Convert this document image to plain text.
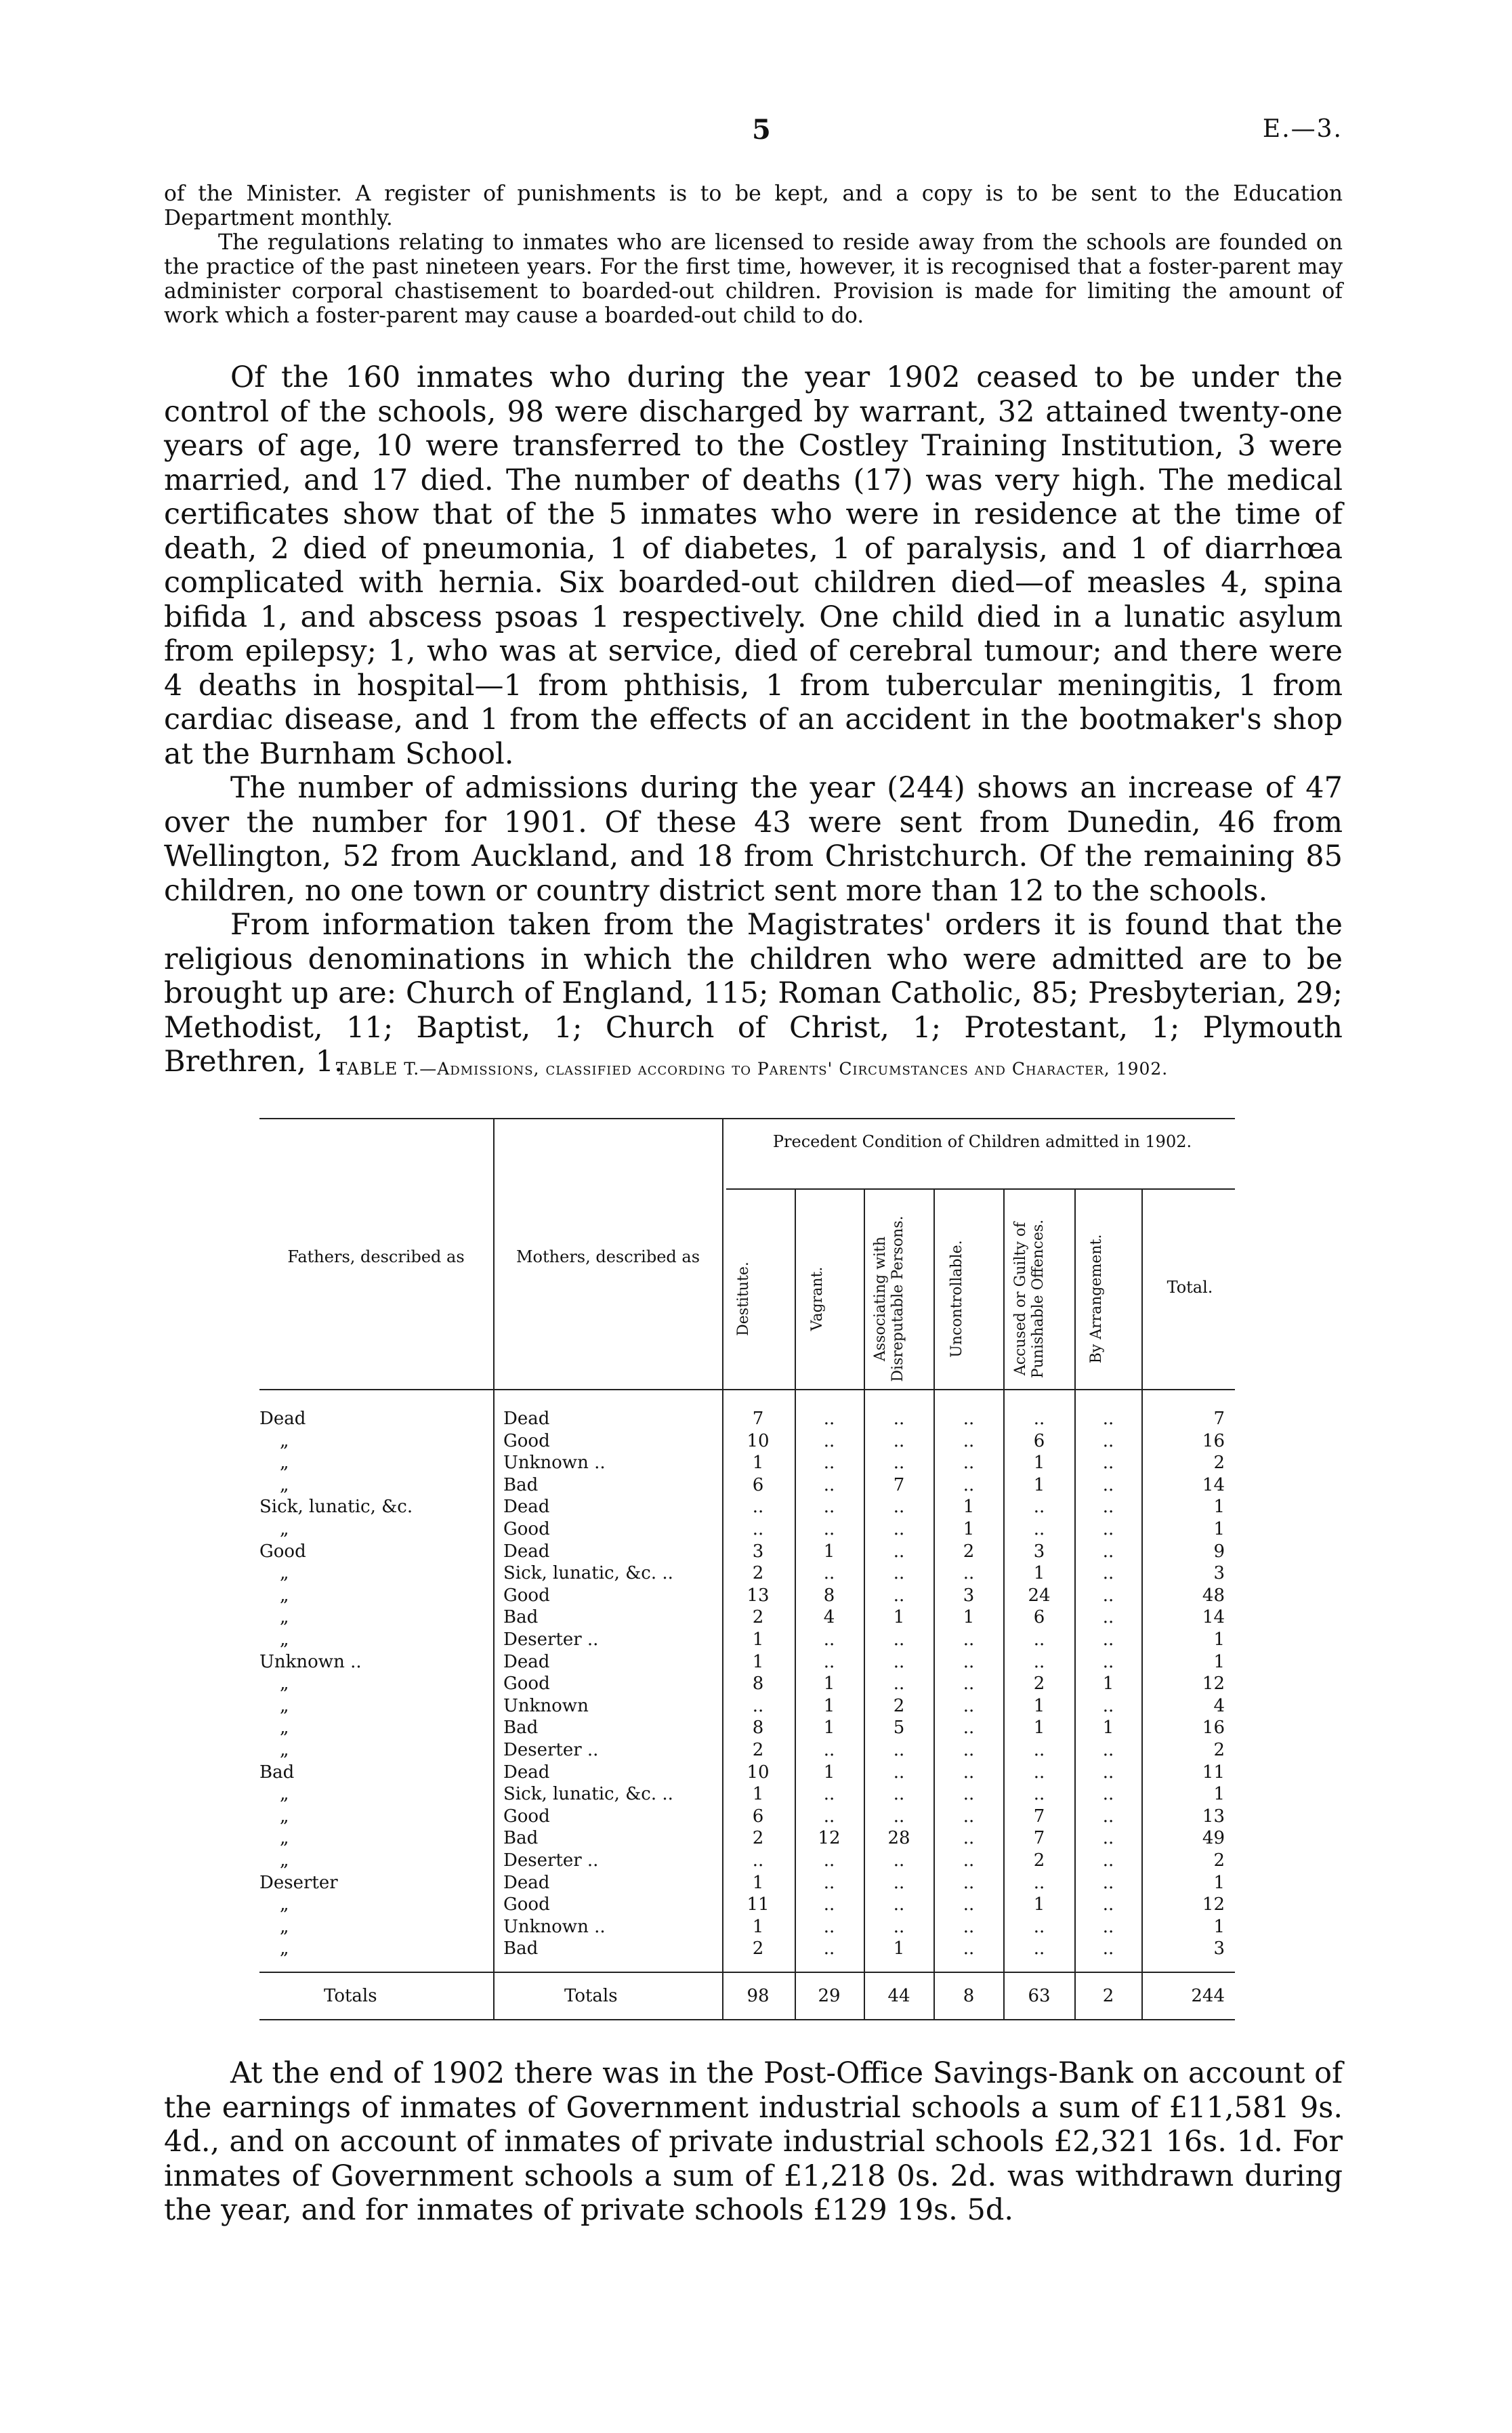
5	E.—3.

of the Minister. A register of punishments is to be kept, and a copy is to be sent to the Education Department monthly.

The regulations relating to inmates who are licensed to reside away from the schools are founded on the practice of the past nineteen years. For the first time, however, it is recognised that a foster-parent may administer corporal chastisement to boarded-out children. Provision is made for limiting the amount of work which a foster-parent may cause a boarded-out child to do.

Of the 160 inmates who during the year 1902 ceased to be under the control of the schools, 98 were discharged by warrant, 32 attained twenty-one years of age, 10 were transferred to the Costley Training Institution, 3 were married, and 17 died. The number of deaths (17) was very high. The medical certificates show that of the 5 inmates who were in residence at the time of death, 2 died of pneumonia, 1 of diabetes, 1 of paralysis, and 1 of diarrhœa complicated with hernia. Six boarded-out children died—of measles 4, spina bifida 1, and abscess psoas 1 respectively. One child died in a lunatic asylum from epilepsy; 1, who was at service, died of cerebral tumour; and there were 4 deaths in hospital—1 from phthisis, 1 from tubercular meningitis, 1 from cardiac disease, and 1 from the effects of an accident in the bootmaker's shop at the Burnham School.

The number of admissions during the year (244) shows an increase of 47 over the number for 1901. Of these 43 were sent from Dunedin, 46 from Wellington, 52 from Auckland, and 18 from Christchurch. Of the remaining 85 children, no one town or country district sent more than 12 to the schools.

From information taken from the Magistrates' orders it is found that the religious denominations in which the children who were admitted are to be brought up are: Church of England, 115; Roman Catholic, 85; Presbyterian, 29; Methodist, 11; Baptist, 1; Church of Christ, 1; Protestant, 1; Plymouth Brethren, 1.

TABLE T.—Admissions, classified according to Parents' Circumstances and Character, 1902.
Fathers, described as	Mothers, described as
Precedent Condition of Children admitted in 1902.
Destitute.	Vagrant.	Associating with Disreputable Persons.	Uncontrollable.	Accused or Guilty of Punishable Offences.	By Arrangement.	Total.
Dead	Dead	7	..	..	..	..	..	7
„	Good	10	..	..	..	6	..	16
„	Unknown ..	1	..	..	..	1	..	2
„	Bad	6	..	7	..	1	..	14
Sick, lunatic, &c.	Dead	..	..	..	1	..	..	1
„	Good	..	..	..	1	..	..	1
Good	Dead	3	1	..	2	3	..	9
„	Sick, lunatic, &c. ..	2	..	..	..	1	..	3
„	Good	13	8	..	3	24	..	48
„	Bad	2	4	1	1	6	..	14
„	Deserter ..	1	..	..	..	..	..	1
Unknown ..	Dead	1	..	..	..	..	..	1
„	Good	8	1	..	..	2	1	12
„	Unknown	..	1	2	..	1	..	4
„	Bad	8	1	5	..	1	1	16
„	Deserter ..	2	..	..	..	..	..	2
Bad	Dead	10	1	..	..	..	..	11
„	Sick, lunatic, &c. ..	1	..	..	..	..	..	1
„	Good	6	..	..	..	7	..	13
„	Bad	2	12	28	..	7	..	49
„	Deserter ..	..	..	..	..	2	..	2
Deserter	Dead	1	..	..	..	..	..	1
„	Good	11	..	..	..	1	..	12
„	Unknown ..	1	..	..	..	..	..	1
„	Bad	2	..	1	..	..	..	3
Totals	Totals	98	29	44	8	63	2	244

At the end of 1902 there was in the Post-Office Savings-Bank on account of the earnings of inmates of Government industrial schools a sum of £11,581 9s. 4d., and on account of inmates of private industrial schools £2,321 16s. 1d. For inmates of Government schools a sum of £1,218 0s. 2d. was withdrawn during the year, and for inmates of private schools £129 19s. 5d.
